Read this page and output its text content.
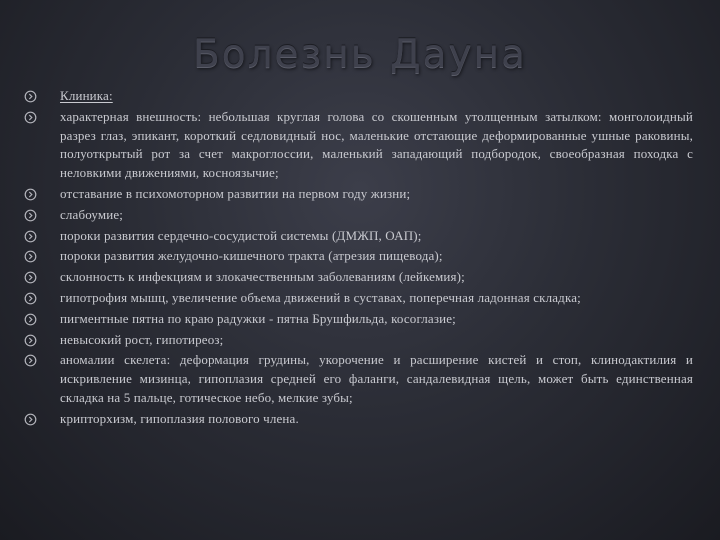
Болезнь Дауна
Клиника:
характерная внешность: небольшая круглая голова со скошенным утолщенным затылком: монголоидный разрез глаз, эпикант, короткий седловидный нос, маленькие отстающие деформированные ушные раковины, полуоткрытый рот за счет макроглоссии, маленький западающий подбородок, своеобразная походка с неловкими движениями, косноязычие;
отставание в психомоторном развитии на первом году жизни;
слабоумие;
пороки развития сердечно-сосудистой системы (ДМЖП, ОАП);
пороки развития желудочно-кишечного тракта (атрезия пищевода);
склонность к инфекциям и злокачественным заболеваниям (лейкемия);
гипотрофия мышц, увеличение объема движений в суставах, поперечная ладонная складка;
пигментные пятна по краю радужки - пятна Брушфильда, косоглазие;
невысокий рост, гипотиреоз;
аномалии скелета: деформация грудины, укорочение и расширение кистей и стоп, клинодактилия и искривление мизинца, гипоплазия средней его фаланги, сандалевидная щель, может быть единственная складка на 5 пальце, готическое небо, мелкие зубы;
крипторхизм, гипоплазия полового члена.
